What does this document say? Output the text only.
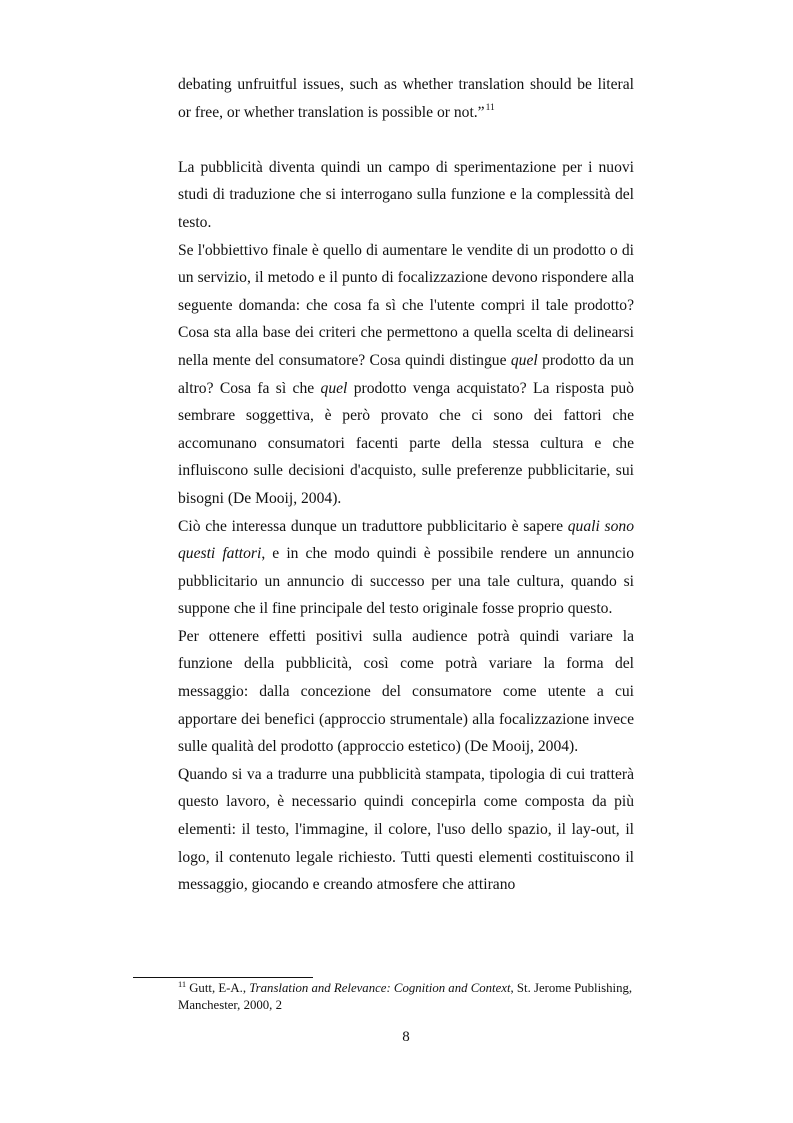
debating unfruitful issues, such as whether translation should be literal or free, or whether translation is possible or not.”$^{11}$

La pubblicità diventa quindi un campo di sperimentazione per i nuovi studi di traduzione che si interrogano sulla funzione e la complessità del testo.

Se l'obbiettivo finale è quello di aumentare le vendite di un prodotto o di un servizio, il metodo e il punto di focalizzazione devono rispondere alla seguente domanda: che cosa fa sì che l'utente compri il tale prodotto? Cosa sta alla base dei criteri che permettono a quella scelta di delinearsi nella mente del consumatore? Cosa quindi distingue quel prodotto da un altro? Cosa fa sì che quel prodotto venga acquistato? La risposta può sembrare soggettiva, è però provato che ci sono dei fattori che accomunano consumatori facenti parte della stessa cultura e che influiscono sulle decisioni d'acquisto, sulle preferenze pubblicitarie, sui bisogni (De Mooij, 2004).

Ciò che interessa dunque un traduttore pubblicitario è sapere quali sono questi fattori, e in che modo quindi è possibile rendere un annuncio pubblicitario un annuncio di successo per una tale cultura, quando si suppone che il fine principale del testo originale fosse proprio questo.

Per ottenere effetti positivi sulla audience potrà quindi variare la funzione della pubblicità, così come potrà variare la forma del messaggio: dalla concezione del consumatore come utente a cui apportare dei benefici (approccio strumentale) alla focalizzazione invece sulle qualità del prodotto (approccio estetico) (De Mooij, 2004).

Quando si va a tradurre una pubblicità stampata, tipologia di cui tratterà questo lavoro, è necessario quindi concepirla come composta da più elementi: il testo, l'immagine, il colore, l'uso dello spazio, il lay-out, il logo, il contenuto legale richiesto. Tutti questi elementi costituiscono il messaggio, giocando e creando atmosfere che attirano

$^{11}$ Gutt, E-A., Translation and Relevance: Cognition and Context, St. Jerome Publishing, Manchester, 2000, 2
8
